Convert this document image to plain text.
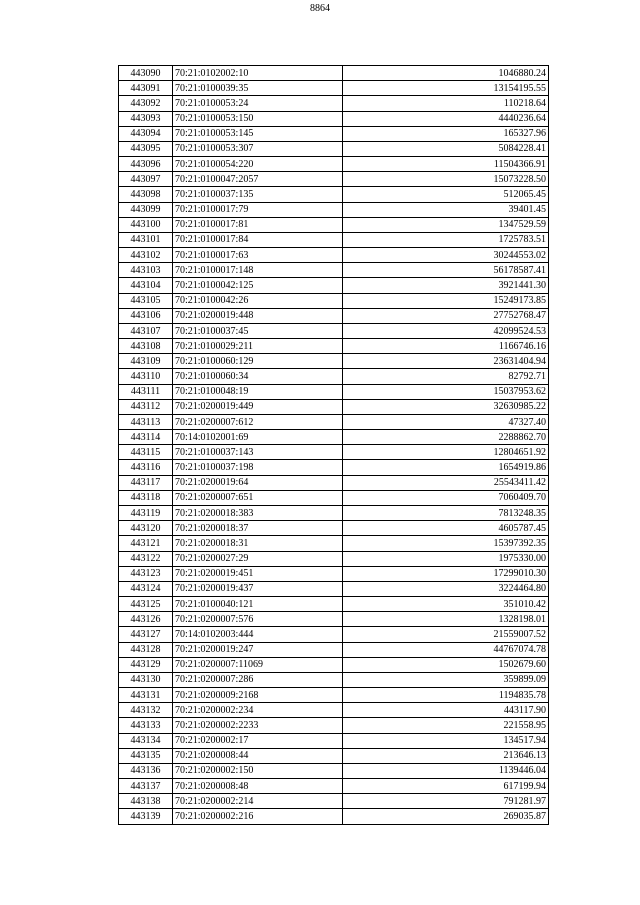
8864
443090	70:21:0102002:10	1046880.24
443091	70:21:0100039:35	13154195.55
443092	70:21:0100053:24	110218.64
443093	70:21:0100053:150	4440236.64
443094	70:21:0100053:145	165327.96
443095	70:21:0100053:307	5084228.41
443096	70:21:0100054:220	11504366.91
443097	70:21:0100047:2057	15073228.50
443098	70:21:0100037:135	512065.45
443099	70:21:0100017:79	39401.45
443100	70:21:0100017:81	1347529.59
443101	70:21:0100017:84	1725783.51
443102	70:21:0100017:63	30244553.02
443103	70:21:0100017:148	56178587.41
443104	70:21:0100042:125	3921441.30
443105	70:21:0100042:26	15249173.85
443106	70:21:0200019:448	27752768.47
443107	70:21:0100037:45	42099524.53
443108	70:21:0100029:211	1166746.16
443109	70:21:0100060:129	23631404.94
443110	70:21:0100060:34	82792.71
443111	70:21:0100048:19	15037953.62
443112	70:21:0200019:449	32630985.22
443113	70:21:0200007:612	47327.40
443114	70:14:0102001:69	2288862.70
443115	70:21:0100037:143	12804651.92
443116	70:21:0100037:198	1654919.86
443117	70:21:0200019:64	25543411.42
443118	70:21:0200007:651	7060409.70
443119	70:21:0200018:383	7813248.35
443120	70:21:0200018:37	4605787.45
443121	70:21:0200018:31	15397392.35
443122	70:21:0200027:29	1975330.00
443123	70:21:0200019:451	17299010.30
443124	70:21:0200019:437	3224464.80
443125	70:21:0100040:121	351010.42
443126	70:21:0200007:576	1328198.01
443127	70:14:0102003:444	21559007.52
443128	70:21:0200019:247	44767074.78
443129	70:21:0200007:11069	1502679.60
443130	70:21:0200007:286	359899.09
443131	70:21:0200009:2168	1194835.78
443132	70:21:0200002:234	443117.90
443133	70:21:0200002:2233	221558.95
443134	70:21:0200002:17	134517.94
443135	70:21:0200008:44	213646.13
443136	70:21:0200002:150	1139446.04
443137	70:21:0200008:48	617199.94
443138	70:21:0200002:214	791281.97
443139	70:21:0200002:216	269035.87
